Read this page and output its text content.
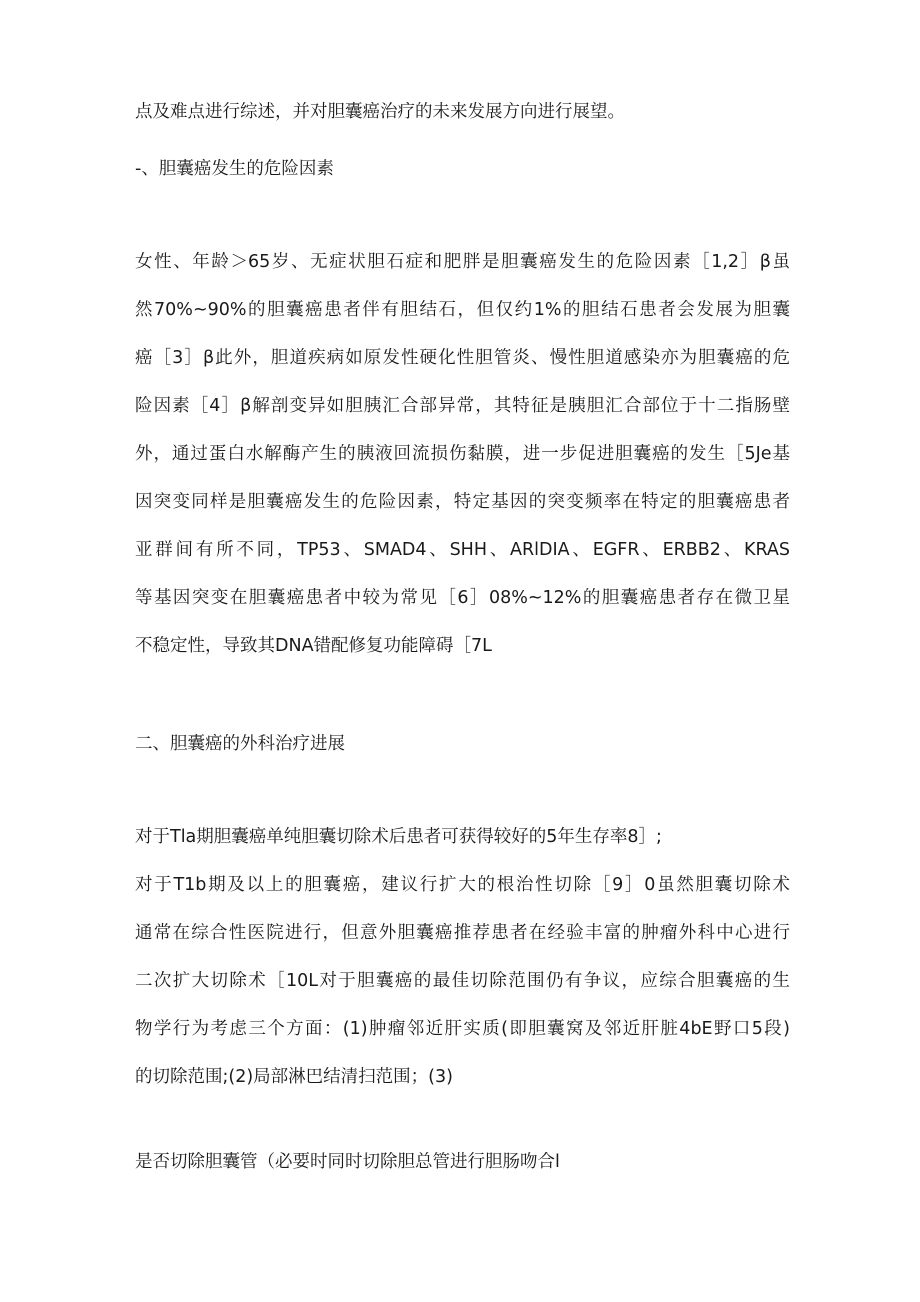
点及难点进行综述，并对胆囊癌治疗的未来发展方向进行展望。
-、胆囊癌发生的危险因素
女性、年龄＞65岁、无症状胆石症和肥胖是胆囊癌发生的危险因素［1,2］β虽
然70%~90%的胆囊癌患者伴有胆结石，但仅约1%的胆结石患者会发展为胆囊
癌［3］β此外，胆道疾病如原发性硬化性胆管炎、慢性胆道感染亦为胆囊癌的危
险因素［4］β解剖变异如胆胰汇合部异常，其特征是胰胆汇合部位于十二指肠壁
外，通过蛋白水解酶产生的胰液回流损伤黏膜，进一步促进胆囊癌的发生［5Je基
因突变同样是胆囊癌发生的危险因素，特定基因的突变频率在特定的胆囊癌患者
亚群间有所不同，TP53、SMAD4、SHH、ARlDIA、EGFR、ERBB2、KRAS
等基因突变在胆囊癌患者中较为常见［6］08%~12%的胆囊癌患者存在微卫星
不稳定性，导致其DNA错配修复功能障碍［7L
二、胆囊癌的外科治疗进展
对于Tla期胆囊癌单纯胆囊切除术后患者可获得较好的5年生存率8］;
对于T1b期及以上的胆囊癌，建议行扩大的根治性切除［9］0虽然胆囊切除术
通常在综合性医院进行，但意外胆囊癌推荐患者在经验丰富的肿瘤外科中心进行
二次扩大切除术［10L对于胆囊癌的最佳切除范围仍有争议，应综合胆囊癌的生
物学行为考虑三个方面：(1)肿瘤邻近肝实质(即胆囊窝及邻近肝脏4bE野口5段)
的切除范围;(2)局部淋巴结清扫范围；(3)
是否切除胆囊管（必要时同时切除胆总管进行胆肠吻合l
